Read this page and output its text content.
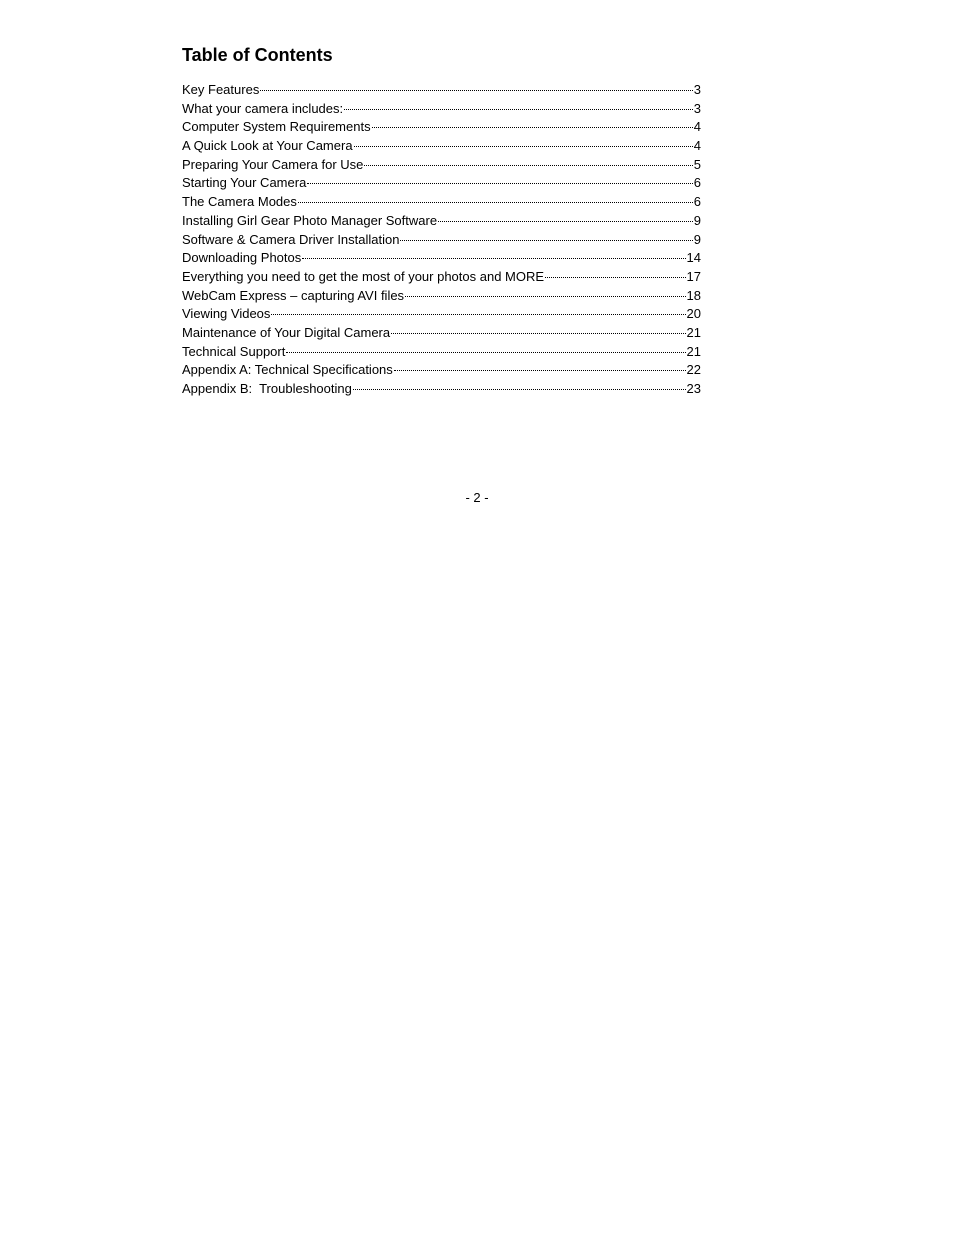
Table of Contents
Key Features	3
What your camera includes:	3
Computer System Requirements	4
A Quick Look at Your Camera	4
Preparing Your Camera for Use	5
Starting Your Camera	6
The Camera Modes	6
Installing Girl Gear Photo Manager Software	9
Software & Camera Driver Installation	9
Downloading Photos	14
Everything you need to get the most of your photos and MORE	17
WebCam Express – capturing AVI files	18
Viewing Videos	20
Maintenance of Your Digital Camera	21
Technical Support	21
Appendix A: Technical Specifications	22
Appendix B:  Troubleshooting	23
- 2 -
